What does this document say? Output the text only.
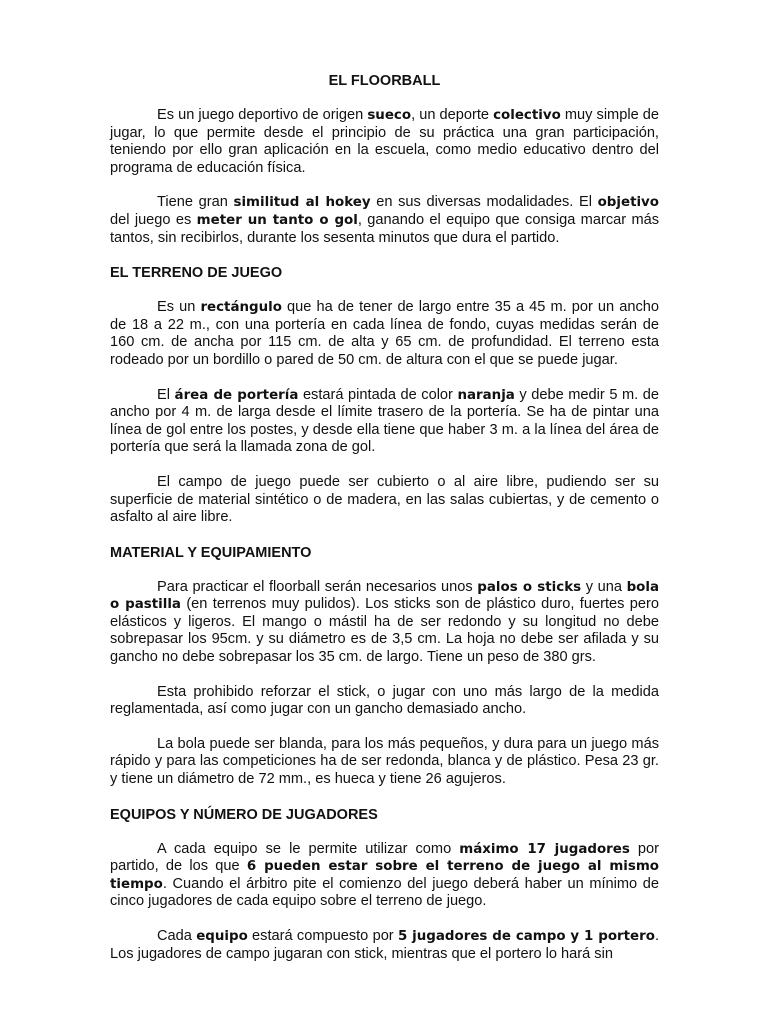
EL FLOORBALL

Es un juego deportivo de origen sueco, un deporte colectivo muy simple de jugar, lo que permite desde el principio de su práctica una gran participación, teniendo por ello gran aplicación en la escuela, como medio educativo dentro del programa de educación física.

Tiene gran similitud al hokey en sus diversas modalidades. El objetivo del juego es meter un tanto o gol, ganando el equipo que consiga marcar más tantos, sin recibirlos, durante los sesenta minutos que dura el partido.

EL TERRENO DE JUEGO

Es un rectángulo que ha de tener de largo entre 35 a 45 m. por un ancho de 18 a 22 m., con una portería en cada línea de fondo, cuyas medidas serán de 160 cm. de ancha por 115 cm. de alta y 65 cm. de profundidad. El terreno esta rodeado por un bordillo o pared de 50 cm. de altura con el que se puede jugar.

El área de portería estará pintada de color naranja y debe medir 5 m. de ancho por 4 m. de larga desde el límite trasero de la portería. Se ha de pintar una línea de gol entre los postes, y desde ella tiene que haber 3 m. a la línea del área de portería que será la llamada zona de gol.

El campo de juego puede ser cubierto o al aire libre, pudiendo ser su superficie de material sintético o de madera, en las salas cubiertas, y de cemento o asfalto al aire libre.

MATERIAL Y EQUIPAMIENTO

Para practicar el floorball serán necesarios unos palos o sticks y una bola o pastilla (en terrenos muy pulidos). Los sticks son de plástico duro, fuertes pero elásticos y ligeros. El mango o mástil ha de ser redondo y su longitud no debe sobrepasar los 95cm. y su diámetro es de 3,5 cm. La hoja no debe ser afilada y su gancho no debe sobrepasar los 35 cm. de largo. Tiene un peso de 380 grs.

Esta prohibido reforzar el stick, o jugar con uno más largo de la medida reglamentada, así como jugar con un gancho demasiado ancho.

La bola puede ser blanda, para los más pequeños, y dura para un juego más rápido y para las competiciones ha de ser redonda, blanca y de plástico. Pesa 23 gr. y tiene un diámetro de 72 mm., es hueca y tiene 26 agujeros.

EQUIPOS Y NÚMERO DE JUGADORES

A cada equipo se le permite utilizar como máximo 17 jugadores por partido, de los que 6 pueden estar sobre el terreno de juego al mismo tiempo. Cuando el árbitro pite el comienzo del juego deberá haber un mínimo de cinco jugadores de cada equipo sobre el terreno de juego.

Cada equipo estará compuesto por 5 jugadores de campo y 1 portero. Los jugadores de campo jugaran con stick, mientras que el portero lo hará sin
